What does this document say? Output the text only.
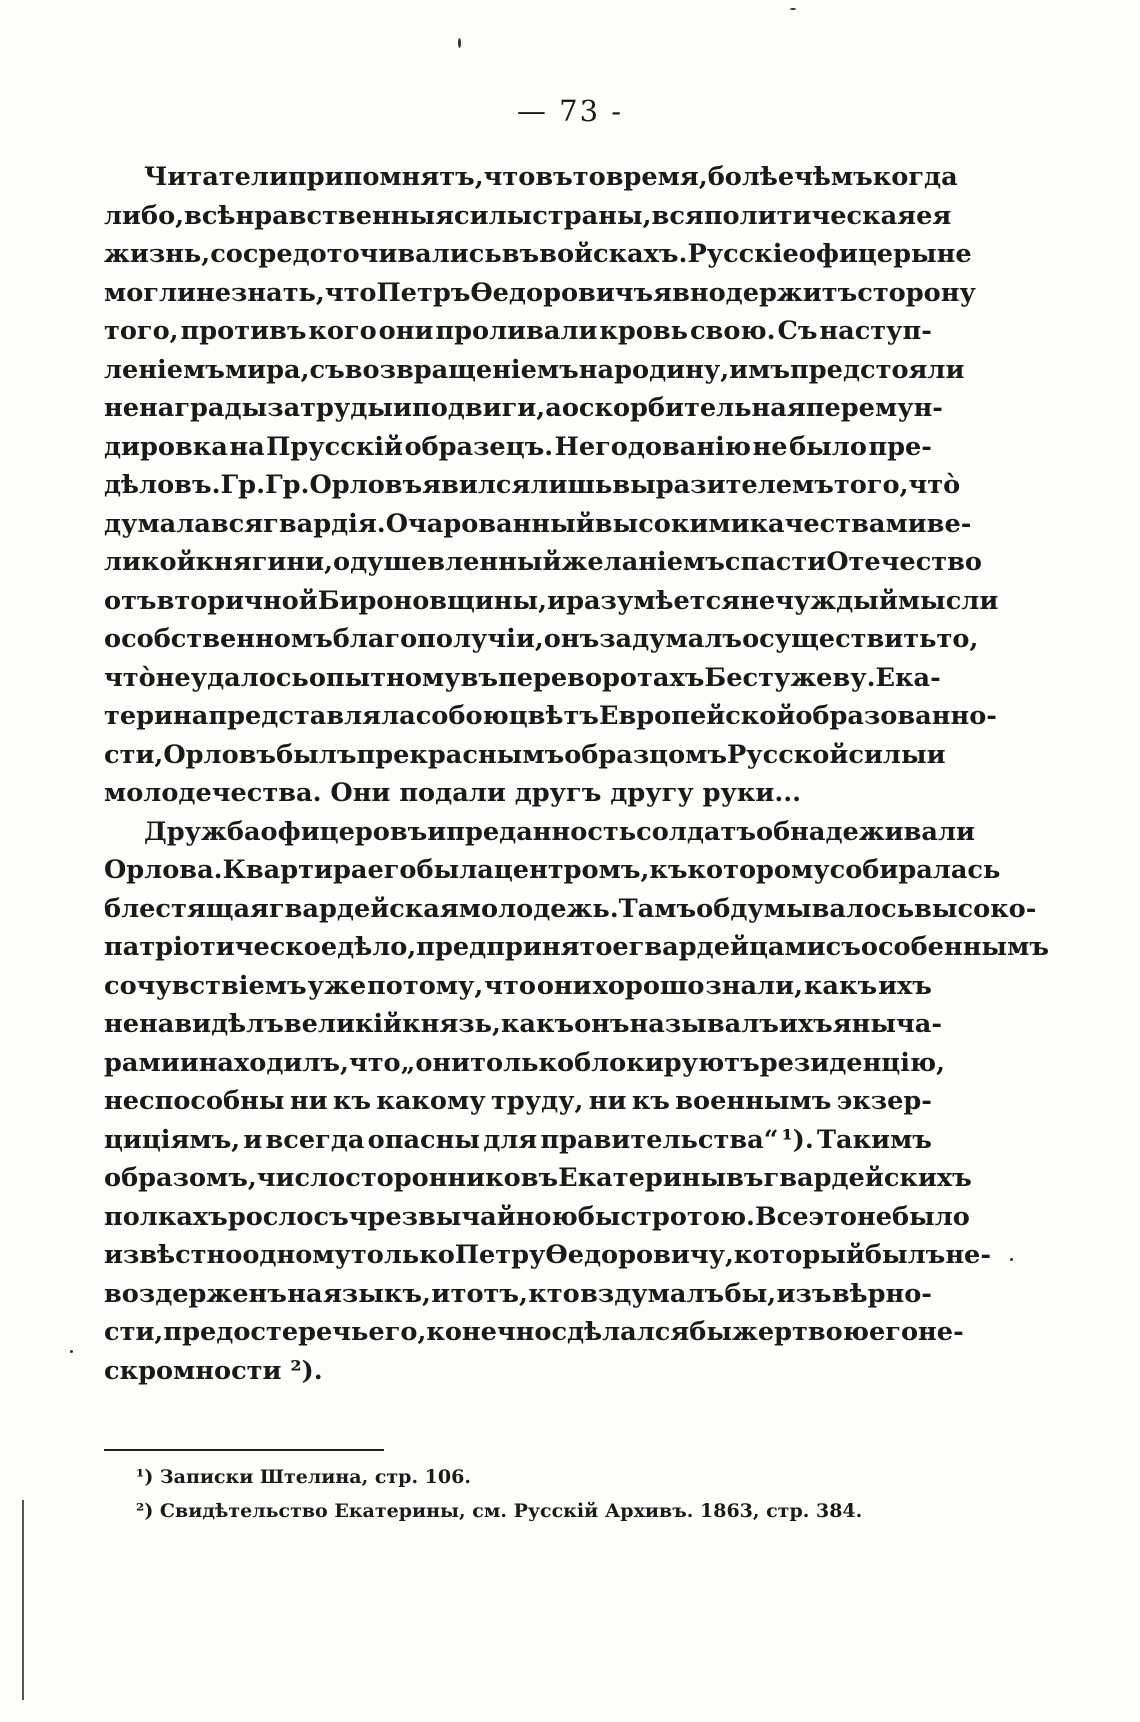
— 73 -
Читатели припомнятъ, что въ то время, болѣе чѣмъ когда
либо, всѣ нравственныя силы страны, вся политическая ея
жизнь, сосредоточивались въ войскахъ. Русскіе офицеры не
могли не знать, что Петръ Ѳедоровичъ явно держитъ сторону
того, противъ кого они проливали кровь свою. Съ наступ-
леніемъ мира, съ возвращеніемъ на родину, имъ предстояли
не награды за труды и подвиги, а оскорбительная перемун-
дировка на Прусскій образецъ. Негодованію не было пре-
дѣловъ. Гр. Гр. Орловъ явился лишь выразителемъ того, что̀
думала вся гвардія. Очарованный высокими качествами ве-
ликой княгини, одушевленный желаніемъ спасти Отечество
отъ вторичной Бироновщины, и разумѣется не чуждый мысли
о собственномъ благополучіи, онъ задумалъ осуществить то,
что̀ не удалось опытному въ переворотахъ Бестужеву. Ека-
терина представляла собою цвѣтъ Европейской образованно-
сти, Орловъ былъ прекраснымъ образцомъ Русской силы и
молодечества. Они подали другъ другу руки...
Дружба офицеровъ и преданность солдатъ обнадеживали
Орлова. Квартира его была центромъ, къ которому собиралась
блестящая гвардейская молодежь. Тамъ обдумывалось высоко-
патріотическое дѣло, предпринятое гвардейцами съ особеннымъ
сочувствіемъ уже потому, что они хорошо знали, какъ ихъ
ненавидѣлъ великій князь, какъ онъ называлъ ихъ янычa-
рами и находилъ, что „они только блокируютъ резиденцію,
неспособны ни къ какому труду, ни къ военнымъ экзер-
циціямъ, и всегда опасны для правительства“ ¹). Такимъ
образомъ, число сторонниковъ Екатерины въ гвардейскихъ
полкахъ росло съ чрезвычайною быстротою. Все это не было
извѣстно одному только Петру Ѳедоровичу, который былъ не-
воздерженъ на языкъ, и тотъ, кто вздумалъ бы, изъ вѣрно-
сти, предостеречь его, конечно сдѣлался бы жертвою его не-
скромности ²).
¹) Записки Штелина, стр. 106.
²) Свидѣтельство Екатерины, см. Русскій Архивъ. 1863, стр. 384.
